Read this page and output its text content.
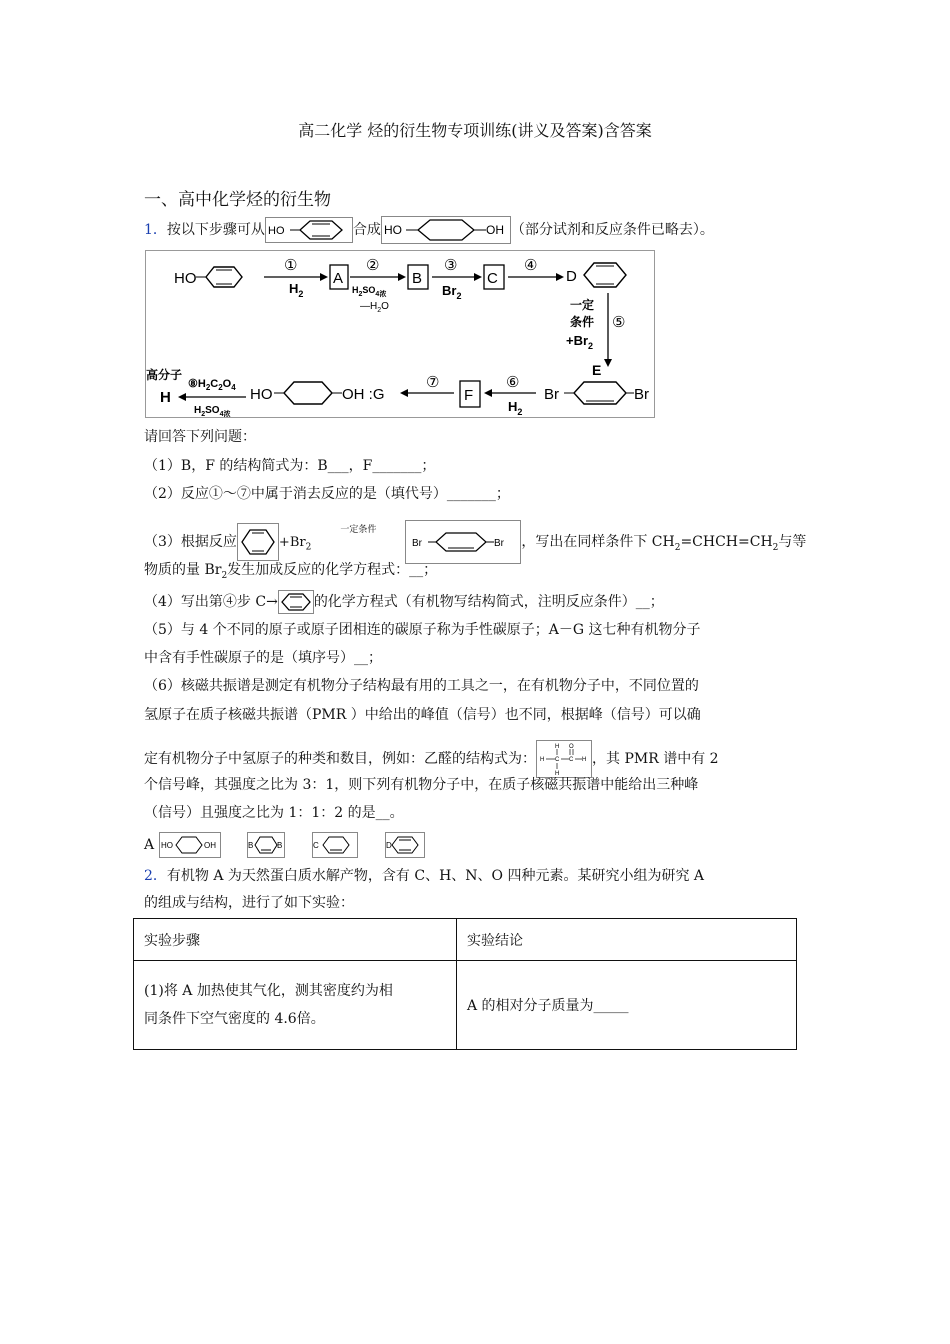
高二化学 烃的衍生物专项训练(讲义及答案)含答案
一、高中化学烃的衍生物
1．按以下步骤可从 HO	合成 HO	OH （部分试剂和反应条件已略去）。
HO
①
$H_2$
A
②
$H_2SO_{4浓}$
$—H_2O$
B
③
$Br_2$
C
④
D
一定
条件 ⑤
$+Br_2$
E
Br	Br
⑥
$H_2$
F
⑦
HO	OH :G
$⑧H_2C_2O_4$
$H_2SO_{4浓}$
高分子
H
请回答下列问题：
（1）B，F 的结构简式为：B___，F_______；
（2）反应①～⑦中属于消去反应的是（填代号）_______；
（3）根据反应	$+Br_2$一定条件
Br	Br ，写出在同样条件下 $CH_2=CHCH=CH_2$与等
物质的量 $Br_2$发生加成反应的化学方程式：__；
（4）写出第④步 C→	的化学方程式（有机物写结构简式，注明反应条件）__；
（5）与 4 个不同的原子或原子团相连的碳原子称为手性碳原子；A－G 这七种有机物分子
中含有手性碳原子的是（填序号）__；
（6）核磁共振谱是测定有机物分子结构最有用的工具之一，在有机物分子中，不同位置的
氢原子在质子核磁共振谱（PMR ）中给出的峰值（信号）也不同，根据峰（信号）可以确
定有机物分子中氢原子的种类和数目，例如：乙醛的结构式为： H C
H
H
C
O
H ，其 PMR 谱中有 2
个信号峰，其强度之比为 3：1，则下列有机物分子中，在质子核磁共振谱中能给出三种峰
（信号）且强度之比为 1：1：2 的是__。
A HO	OH
	B	B
	C
	D
2．有机物 A 为天然蛋白质水解产物，含有 C、H、N、O 四种元素。某研究小组为研究 A
的组成与结构，进行了如下实验：
实验步骤	实验结论

(1)将 A 加热使其气化，测其密度约为相
同条件下空气密度的 4.6倍。	A 的相对分子质量为_____
